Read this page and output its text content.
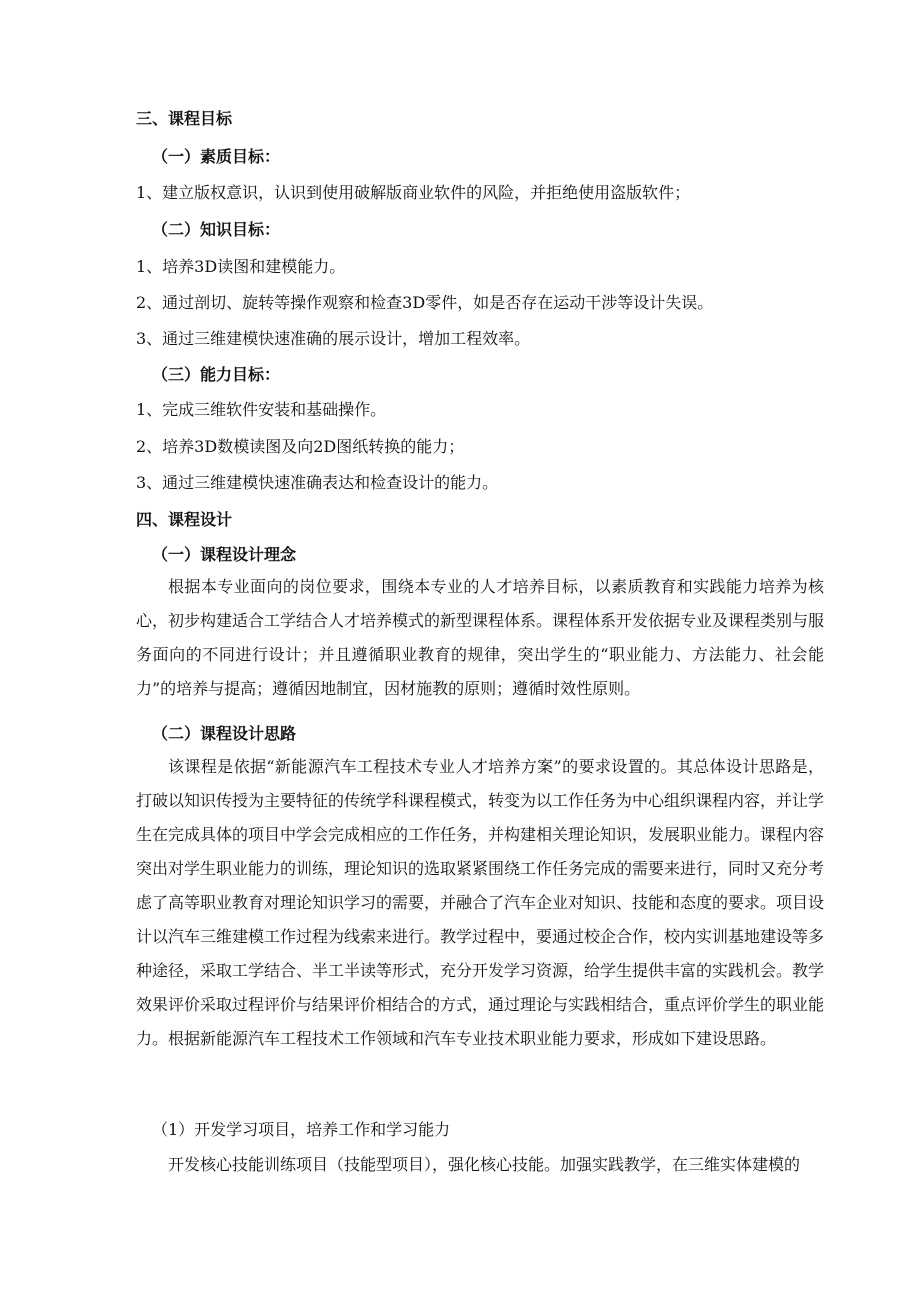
三、课程目标

（一）素质目标：

1、建立版权意识，认识到使用破解版商业软件的风险，并拒绝使用盗版软件；

（二）知识目标：

1、培养3D读图和建模能力。

2、通过剖切、旋转等操作观察和检查3D零件，如是否存在运动干涉等设计失误。

3、通过三维建模快速准确的展示设计，增加工程效率。

（三）能力目标：

1、完成三维软件安装和基础操作。

2、培养3D数模读图及向2D图纸转换的能力；

3、通过三维建模快速准确表达和检查设计的能力。

四、课程设计

（一）课程设计理念

根据本专业面向的岗位要求，围绕本专业的人才培养目标，以素质教育和实践能力培养为核心，初步构建适合工学结合人才培养模式的新型课程体系。课程体系开发依据专业及课程类别与服务面向的不同进行设计；并且遵循职业教育的规律，突出学生的“职业能力、方法能力、社会能力”的培养与提高；遵循因地制宜，因材施教的原则；遵循时效性原则。

（二）课程设计思路

该课程是依据“新能源汽车工程技术专业人才培养方案”的要求设置的。其总体设计思路是，打破以知识传授为主要特征的传统学科课程模式，转变为以工作任务为中心组织课程内容，并让学生在完成具体的项目中学会完成相应的工作任务，并构建相关理论知识，发展职业能力。课程内容突出对学生职业能力的训练，理论知识的选取紧紧围绕工作任务完成的需要来进行，同时又充分考虑了高等职业教育对理论知识学习的需要，并融合了汽车企业对知识、技能和态度的要求。项目设计以汽车三维建模工作过程为线索来进行。教学过程中，要通过校企合作，校内实训基地建设等多种途径，采取工学结合、半工半读等形式，充分开发学习资源，给学生提供丰富的实践机会。教学效果评价采取过程评价与结果评价相结合的方式，通过理论与实践相结合，重点评价学生的职业能力。根据新能源汽车工程技术工作领域和汽车专业技术职业能力要求，形成如下建设思路。

（1）开发学习项目，培养工作和学习能力

开发核心技能训练项目（技能型项目），强化核心技能。加强实践教学，在三维实体建模的
